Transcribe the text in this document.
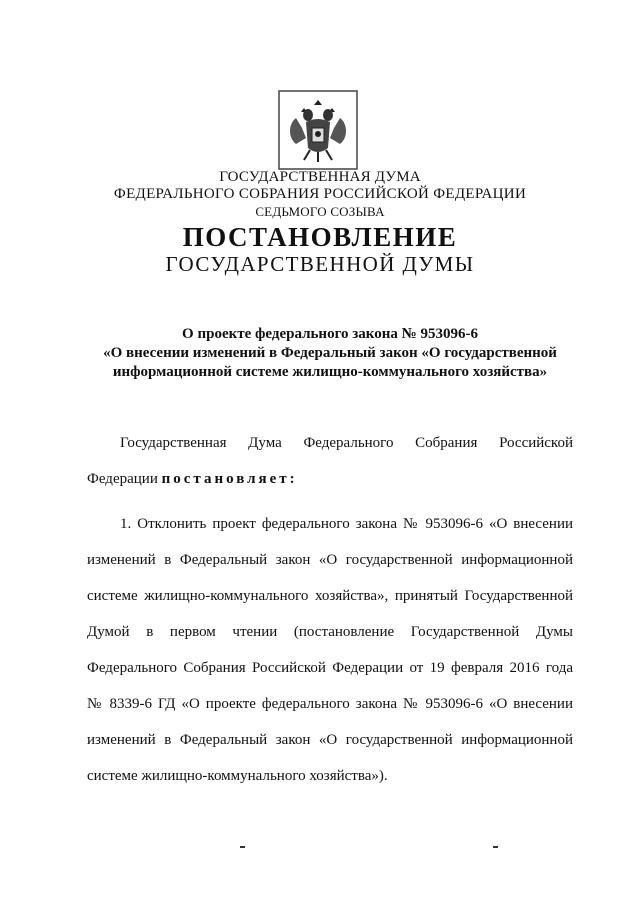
ГОСУДАРСТВЕННАЯ ДУМА
ФЕДЕРАЛЬНОГО СОБРАНИЯ РОССИЙСКОЙ ФЕДЕРАЦИИ
СЕДЬМОГО СОЗЫВА
ПОСТАНОВЛЕНИЕ
ГОСУДАРСТВЕННОЙ ДУМЫ
О проекте федерального закона № 953096-6
«О внесении изменений в Федеральный закон «О государственной
информационной системе жилищно-коммунального хозяйства»
Государственная Дума Федерального Собрания Российской
Федерации постановляет:
1. Отклонить проект федерального закона № 953096-6 «О внесении
изменений в Федеральный закон «О государственной информационной
системе жилищно-коммунального хозяйства», принятый Государственной
Думой в первом чтении (постановление Государственной Думы
Федерального Собрания Российской Федерации от 19 февраля 2016 года
№ 8339-6 ГД «О проекте федерального закона № 953096-6 «О внесении
изменений в Федеральный закон «О государственной информационной
системе жилищно-коммунального хозяйства»).
